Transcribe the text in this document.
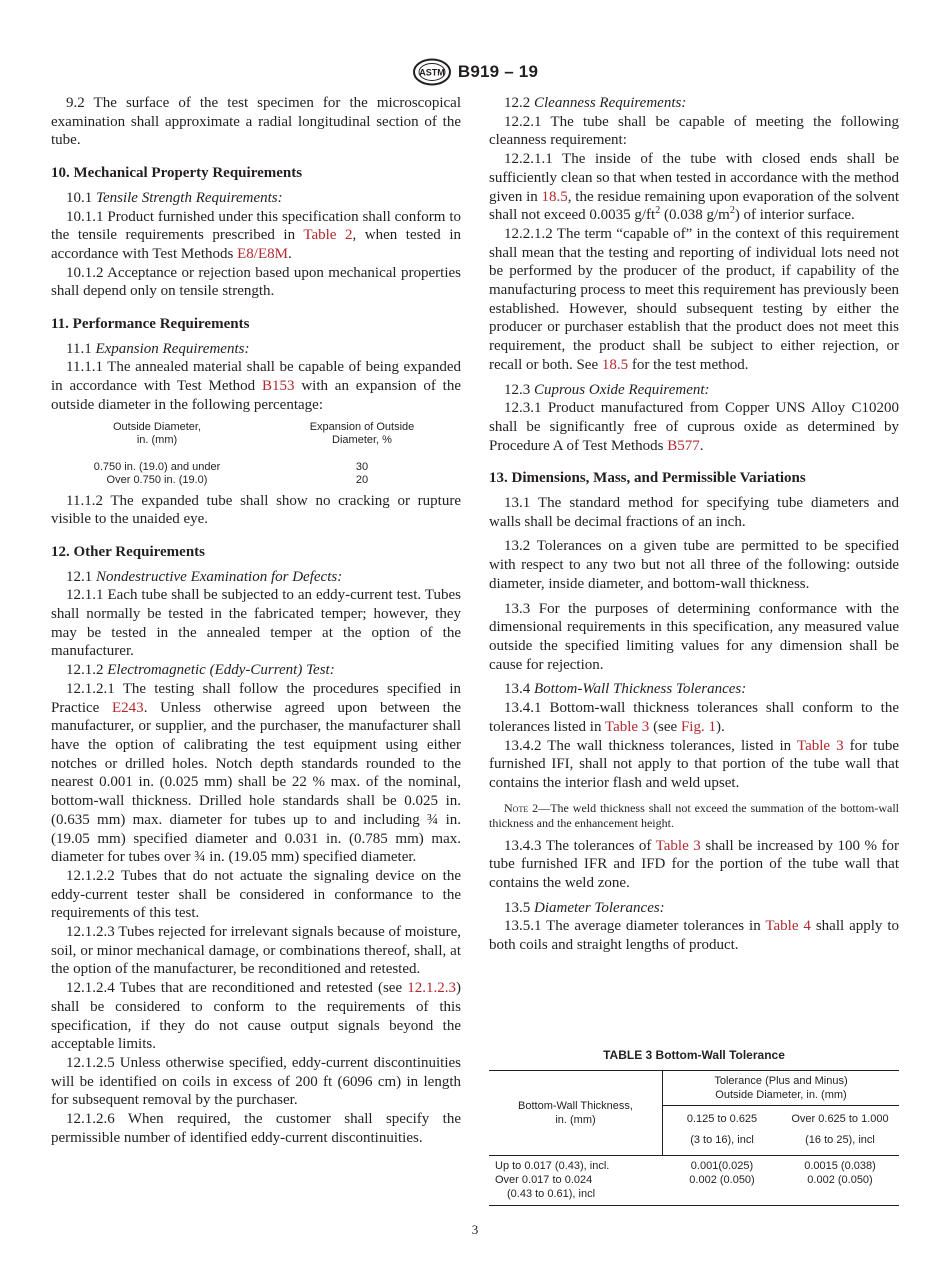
ASTM B919 – 19

9.2 The surface of the test specimen for the microscopical examination shall approximate a radial longitudinal section of the tube.

10. Mechanical Property Requirements

10.1 Tensile Strength Requirements:

10.1.1 Product furnished under this specification shall conform to the tensile requirements prescribed in Table 2, when tested in accordance with Test Methods E8/E8M.

10.1.2 Acceptance or rejection based upon mechanical properties shall depend only on tensile strength.

11. Performance Requirements

11.1 Expansion Requirements:

11.1.1 The annealed material shall be capable of being expanded in accordance with Test Method B153 with an expansion of the outside diameter in the following percentage:

Outside Diameter,
in. (mm)
Expansion of Outside
Diameter, %
0.750 in. (19.0) and under	30
Over 0.750 in. (19.0)	20

11.1.2 The expanded tube shall show no cracking or rupture visible to the unaided eye.

12. Other Requirements

12.1 Nondestructive Examination for Defects:

12.1.1 Each tube shall be subjected to an eddy-current test. Tubes shall normally be tested in the fabricated temper; however, they may be tested in the annealed temper at the option of the manufacturer.

12.1.2 Electromagnetic (Eddy-Current) Test:

12.1.2.1 The testing shall follow the procedures specified in Practice E243. Unless otherwise agreed upon between the manufacturer, or supplier, and the purchaser, the manufacturer shall have the option of calibrating the test equipment using either notches or drilled holes. Notch depth standards rounded to the nearest 0.001 in. (0.025 mm) shall be 22 % max. of the nominal, bottom-wall thickness. Drilled hole standards shall be 0.025 in. (0.635 mm) max. diameter for tubes up to and including ¾ in. (19.05 mm) specified diameter and 0.031 in. (0.785 mm) max. diameter for tubes over ¾ in. (19.05 mm) specified diameter.

12.1.2.2 Tubes that do not actuate the signaling device on the eddy-current tester shall be considered in conformance to the requirements of this test.

12.1.2.3 Tubes rejected for irrelevant signals because of moisture, soil, or minor mechanical damage, or combinations thereof, shall, at the option of the manufacturer, be reconditioned and retested.

12.1.2.4 Tubes that are reconditioned and retested (see 12.1.2.3) shall be considered to conform to the requirements of this specification, if they do not cause output signals beyond the acceptable limits.

12.1.2.5 Unless otherwise specified, eddy-current discontinuities will be identified on coils in excess of 200 ft (6096 cm) in length for subsequent removal by the purchaser.

12.1.2.6 When required, the customer shall specify the permissible number of identified eddy-current discontinuities.

12.2 Cleanness Requirements:

12.2.1 The tube shall be capable of meeting the following cleanness requirement:

12.2.1.1 The inside of the tube with closed ends shall be sufficiently clean so that when tested in accordance with the method given in 18.5, the residue remaining upon evaporation of the solvent shall not exceed 0.0035 $g/ft^2$ (0.038 $g/m^2$) of interior surface.

12.2.1.2 The term “capable of” in the context of this requirement shall mean that the testing and reporting of individual lots need not be performed by the producer of the product, if capability of the manufacturing process to meet this requirement has previously been established. However, should subsequent testing by either the producer or purchaser establish that the product does not meet this requirement, the product shall be subject to either rejection, or recall or both. See 18.5 for the test method.

12.3 Cuprous Oxide Requirement:

12.3.1 Product manufactured from Copper UNS Alloy C10200 shall be significantly free of cuprous oxide as determined by Procedure A of Test Methods B577.

13. Dimensions, Mass, and Permissible Variations

13.1 The standard method for specifying tube diameters and walls shall be decimal fractions of an inch.

13.2 Tolerances on a given tube are permitted to be specified with respect to any two but not all three of the following: outside diameter, inside diameter, and bottom-wall thickness.

13.3 For the purposes of determining conformance with the dimensional requirements in this specification, any measured value outside the specified limiting values for any dimension shall be cause for rejection.

13.4 Bottom-Wall Thickness Tolerances:

13.4.1 Bottom-wall thickness tolerances shall conform to the tolerances listed in Table 3 (see Fig. 1).

13.4.2 The wall thickness tolerances, listed in Table 3 for tube furnished IFI, shall not apply to that portion of the tube wall that contains the interior flash and weld upset.

Note 2—The weld thickness shall not exceed the summation of the bottom-wall thickness and the enhancement height.

13.4.3 The tolerances of Table 3 shall be increased by 100 % for tube furnished IFR and IFD for the portion of the tube wall that contains the weld zone.

13.5 Diameter Tolerances:

13.5.1 The average diameter tolerances in Table 4 shall apply to both coils and straight lengths of product.

TABLE 3 Bottom-Wall Tolerance
Bottom-Wall Thickness,
in. (mm)
Tolerance (Plus and Minus)
Outside Diameter, in. (mm)
0.125 to 0.625
(3 to 16), incl
Over 0.625 to 1.000
(16 to 25), incl
Up to 0.017 (0.43), incl.
Over 0.017 to 0.024
(0.43 to 0.61), incl
0.001(0.025)
0.002 (0.050)
0.0015 (0.038)
0.002 (0.050)
3
